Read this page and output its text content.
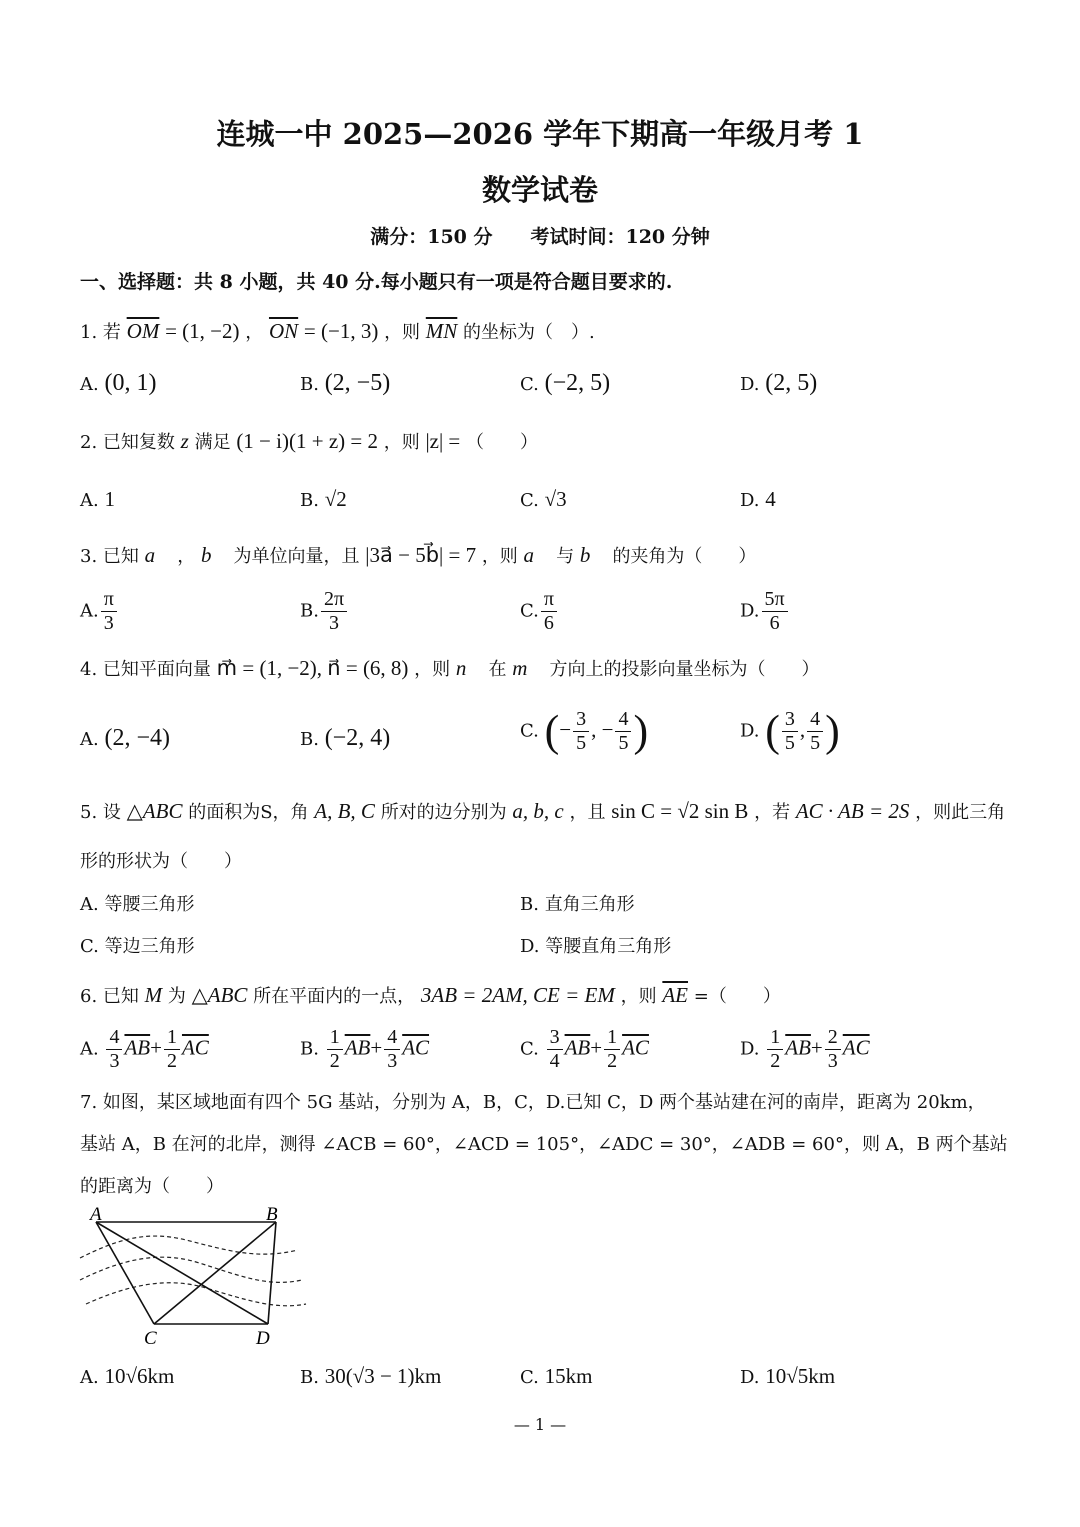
连城一中 2025—2026 学年下期高一年级月考 1
数学试卷
满分：150 分　　考试时间：120 分钟
一、选择题：共 8 小题，共 40 分.每小题只有一项是符合题目要求的.
1. 若 $\overline{OM} = (1$, −2) ， $\overline{ON} = (-1$, 3) ，则 $\overline{MN}$ 的坐标为（　）.
A. (0, 1)	B. (2, −5)	C. (−2, 5)	D. (2, 5)
2. 已知复数 z 满足 (1 − i)(1 + z) = 2 ，则 |z| = （　　）
A. 1	B. √2	C. √3	D. 4
3. 已知 a⃗ ， b⃗ 为单位向量，且 |3a⃗ − 5b⃗| = 7 ，则 a⃗ 与 b⃗ 的夹角为（　　）
A. $\frac{\pi}{3}$	B. $\frac{2\pi}{3}$	C. $\frac{\pi}{6}$	D. $\frac{5\pi}{6}$
4. 已知平面向量 m⃗ = (1, −2), n⃗ = (6, 8) ，则 n⃗ 在 m⃗ 方向上的投影向量坐标为（　　）
A. (2, −4)	B. (−2, 4)	C. (− $\frac{3}{5}$ , − $\frac{4}{5}$ )	D. ( $\frac{3}{5}$ , $\frac{4}{5}$ )
5. 设 △ABC 的面积为S，角 A, B, C 所对的边分别为 a, b, c ，且 sin C = √2 sin B ，若 AC · AB = 2S ，则此三角
形的形状为（　　）
A. 等腰三角形	B. 直角三角形
C. 等边三角形	D. 等腰直角三角形
6. 已知 M 为 △ABC 所在平面内的一点， 3AB = 2AM, CE = EM ，则 $\overline{AE}$ =（　　）
A. $\frac{4}{3} \overline{AB}+ \frac{1}{2} \overline{AC}$	B. $\frac{1}{2} \overline{AB}+ \frac{4}{3} \overline{AC}$	C. $\frac{3}{4} \overline{AB}+ \frac{1}{2} \overline{AC}$	D. $\frac{1}{2} \overline{AB}+ \frac{2}{3} \overline{AC}$
7. 如图，某区域地面有四个 5G 基站，分别为 A，B，C，D.已知 C，D 两个基站建在河的南岸，距离为 20km，
基站 A，B 在河的北岸，测得 ∠ACB = 60°，∠ACD = 105°，∠ADC = 30°，∠ADB = 60°，则 A，B 两个基站
的距离为（　　）
A	B
C	D
A. 10√6km	B. 30(√3 − 1)km	C. 15km	D. 10√5km
— 1 —
